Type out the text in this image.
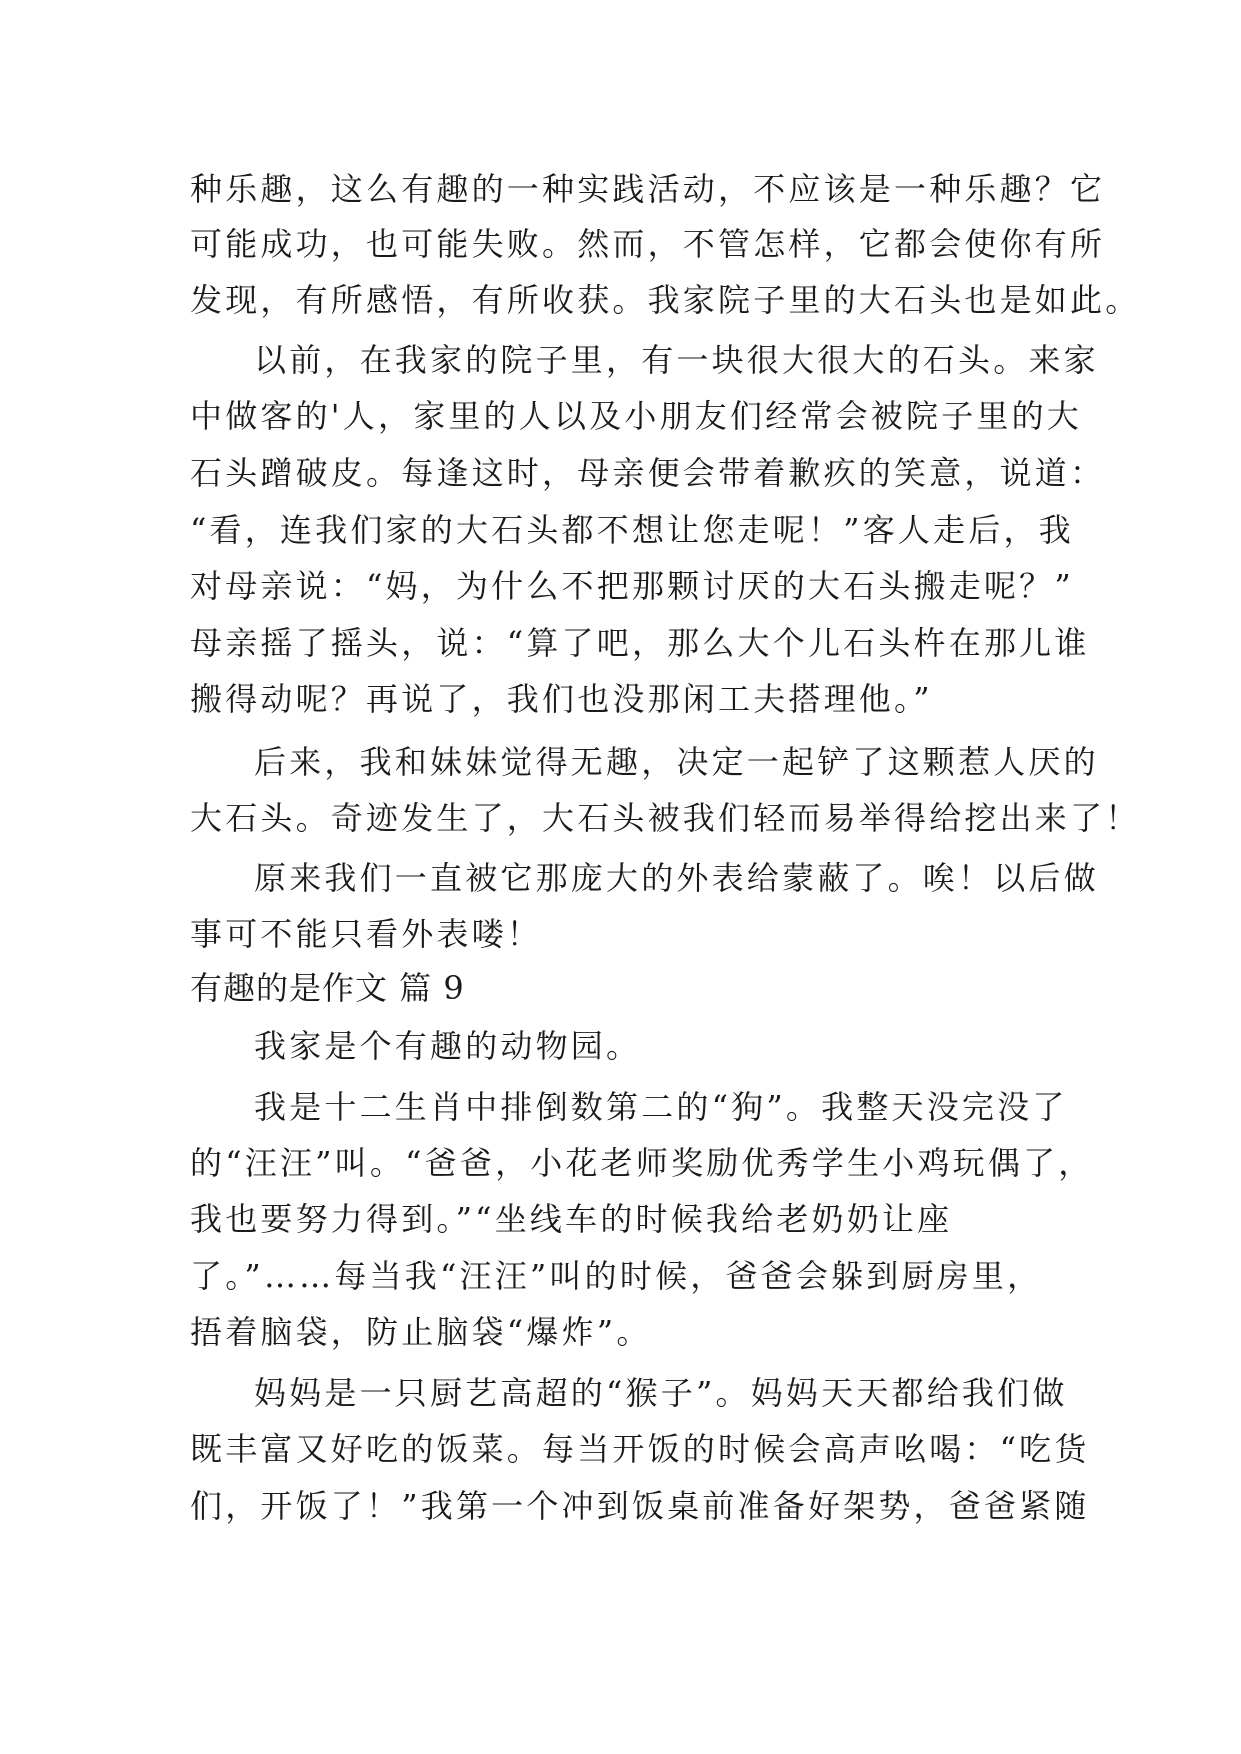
种乐趣，这么有趣的一种实践活动，不应该是一种乐趣？它
可能成功，也可能失败。然而，不管怎样，它都会使你有所
发现，有所感悟，有所收获。我家院子里的大石头也是如此。
以前，在我家的院子里，有一块很大很大的石头。来家
中做客的'人，家里的人以及小朋友们经常会被院子里的大
石头蹭破皮。每逢这时，母亲便会带着歉疚的笑意，说道：
“看，连我们家的大石头都不想让您走呢！”客人走后，我
对母亲说：“妈，为什么不把那颗讨厌的大石头搬走呢？”
母亲摇了摇头，说：“算了吧，那么大个儿石头杵在那儿谁
搬得动呢？再说了，我们也没那闲工夫搭理他。”
后来，我和妹妹觉得无趣，决定一起铲了这颗惹人厌的
大石头。奇迹发生了，大石头被我们轻而易举得给挖出来了！
原来我们一直被它那庞大的外表给蒙蔽了。唉！以后做
事可不能只看外表喽！
有趣的是作文 篇 9
我家是个有趣的动物园。
我是十二生肖中排倒数第二的“狗”。我整天没完没了
的“汪汪”叫。“爸爸，小花老师奖励优秀学生小鸡玩偶了，
我也要努力得到。”“坐线车的时候我给老奶奶让座
了。”……每当我“汪汪”叫的时候，爸爸会躲到厨房里，
捂着脑袋，防止脑袋“爆炸”。
妈妈是一只厨艺高超的“猴子”。妈妈天天都给我们做
既丰富又好吃的饭菜。每当开饭的时候会高声吆喝：“吃货
们，开饭了！”我第一个冲到饭桌前准备好架势，爸爸紧随
